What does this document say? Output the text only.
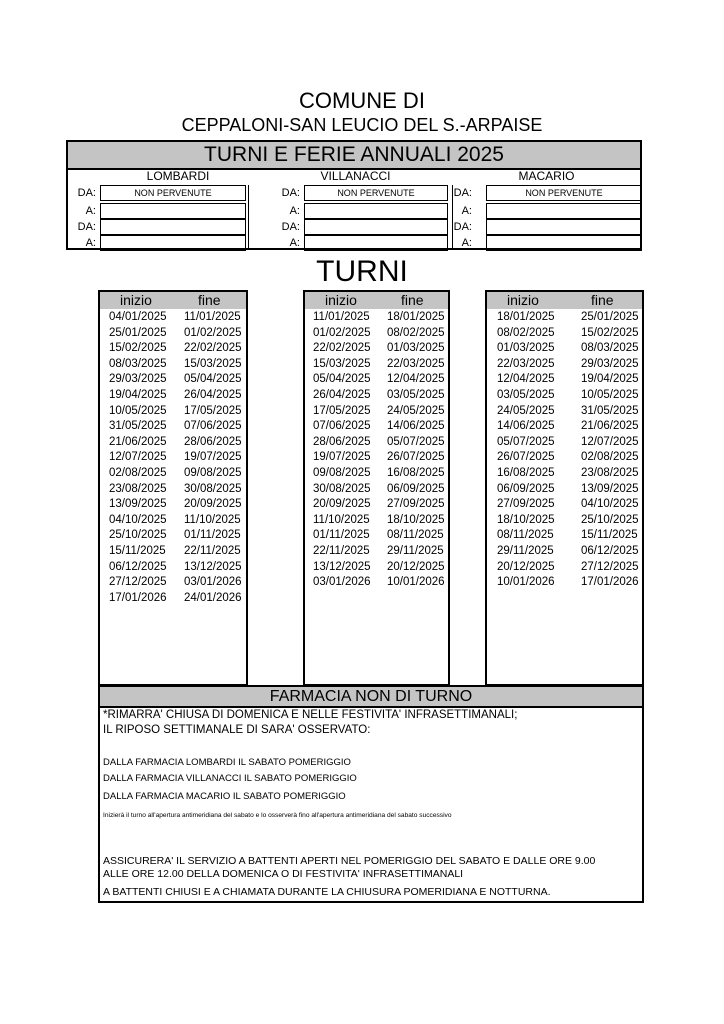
COMUNE DI
CEPPALONI-SAN LEUCIO DEL S.-ARPAISE
TURNI E FERIE ANNUALI 2025
LOMBARDI	VILLANACCI	MACARIO
DA:	NON PERVENUTE	DA:	NON PERVENUTE	DA:	NON PERVENUTE
A:	A:	A:
DA:	DA:	DA:
A:	A:	A:
TURNI
inizio	fine
04/01/2025 11/01/2025
25/01/2025 01/02/2025
15/02/2025 22/02/2025
08/03/2025 15/03/2025
29/03/2025 05/04/2025
19/04/2025 26/04/2025
10/05/2025 17/05/2025
31/05/2025 07/06/2025
21/06/2025 28/06/2025
12/07/2025 19/07/2025
02/08/2025 09/08/2025
23/08/2025 30/08/2025
13/09/2025 20/09/2025
04/10/2025 11/10/2025
25/10/2025 01/11/2025
15/11/2025 22/11/2025
06/12/2025 13/12/2025
27/12/2025 03/01/2026
17/01/2026 24/01/2026
inizio	fine
11/01/2025 18/01/2025
01/02/2025 08/02/2025
22/02/2025 01/03/2025
15/03/2025 22/03/2025
05/04/2025 12/04/2025
26/04/2025 03/05/2025
17/05/2025 24/05/2025
07/06/2025 14/06/2025
28/06/2025 05/07/2025
19/07/2025 26/07/2025
09/08/2025 16/08/2025
30/08/2025 06/09/2025
20/09/2025 27/09/2025
11/10/2025 18/10/2025
01/11/2025 08/11/2025
22/11/2025 29/11/2025
13/12/2025 20/12/2025
03/01/2026 10/01/2026
inizio	fine
18/01/2025 25/01/2025
08/02/2025 15/02/2025
01/03/2025 08/03/2025
22/03/2025 29/03/2025
12/04/2025 19/04/2025
03/05/2025 10/05/2025
24/05/2025 31/05/2025
14/06/2025 21/06/2025
05/07/2025 12/07/2025
26/07/2025 02/08/2025
16/08/2025 23/08/2025
06/09/2025 13/09/2025
27/09/2025 04/10/2025
18/10/2025 25/10/2025
08/11/2025 15/11/2025
29/11/2025 06/12/2025
20/12/2025 27/12/2025
10/01/2026 17/01/2026
FARMACIA NON DI TURNO
*RIMARRA' CHIUSA DI DOMENICA E NELLE FESTIVITA' INFRASETTIMANALI;
IL RIPOSO SETTIMANALE DI SARA' OSSERVATO:
DALLA FARMACIA LOMBARDI IL SABATO POMERIGGIO
DALLA FARMACIA VILLANACCI IL SABATO POMERIGGIO
DALLA FARMACIA MACARIO IL SABATO POMERIGGIO
Inizierà il turno all'apertura antimeridiana del sabato e lo osserverà fino all'apertura antimeridiana del sabato successivo
ASSICURERA' IL SERVIZIO A BATTENTI APERTI NEL POMERIGGIO DEL SABATO E DALLE ORE 9.00
ALLE ORE 12.00 DELLA DOMENICA O DI FESTIVITA' INFRASETTIMANALI
A BATTENTI CHIUSI E A CHIAMATA DURANTE LA CHIUSURA POMERIDIANA E NOTTURNA.
